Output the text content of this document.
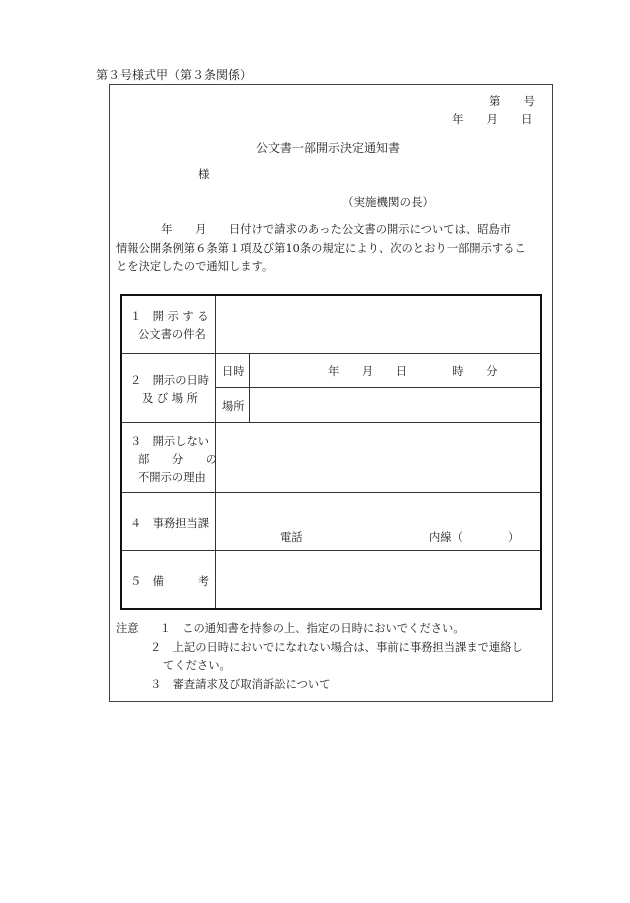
第３号様式甲（第３条関係）
第　　号
年　　月　　日
公文書一部開示決定通知書
様
（実施機関の長）
　　　　年　　月　　日付けで請求のあった公文書の開示については、昭島市
情報公開条例第６条第１項及び第10条の規定により、次のとおり一部開示するこ
とを決定したので通知します。
１　開 示 す る
公文書の件名
２　開示の日時
及 び 場 所
日時	年　　月　　日　　　　時　　分
場所
３　開示しない
部　　分　　の
不開示の理由
４　事務担当課
電話	内線（　　　　）
５　備　　　考
注意 １　この通知書を持参の上、指定の日時においでください。
２　上記の日時においでになれない場合は、事前に事務担当課まで連絡し
てください。
３　審査請求及び取消訴訟について
